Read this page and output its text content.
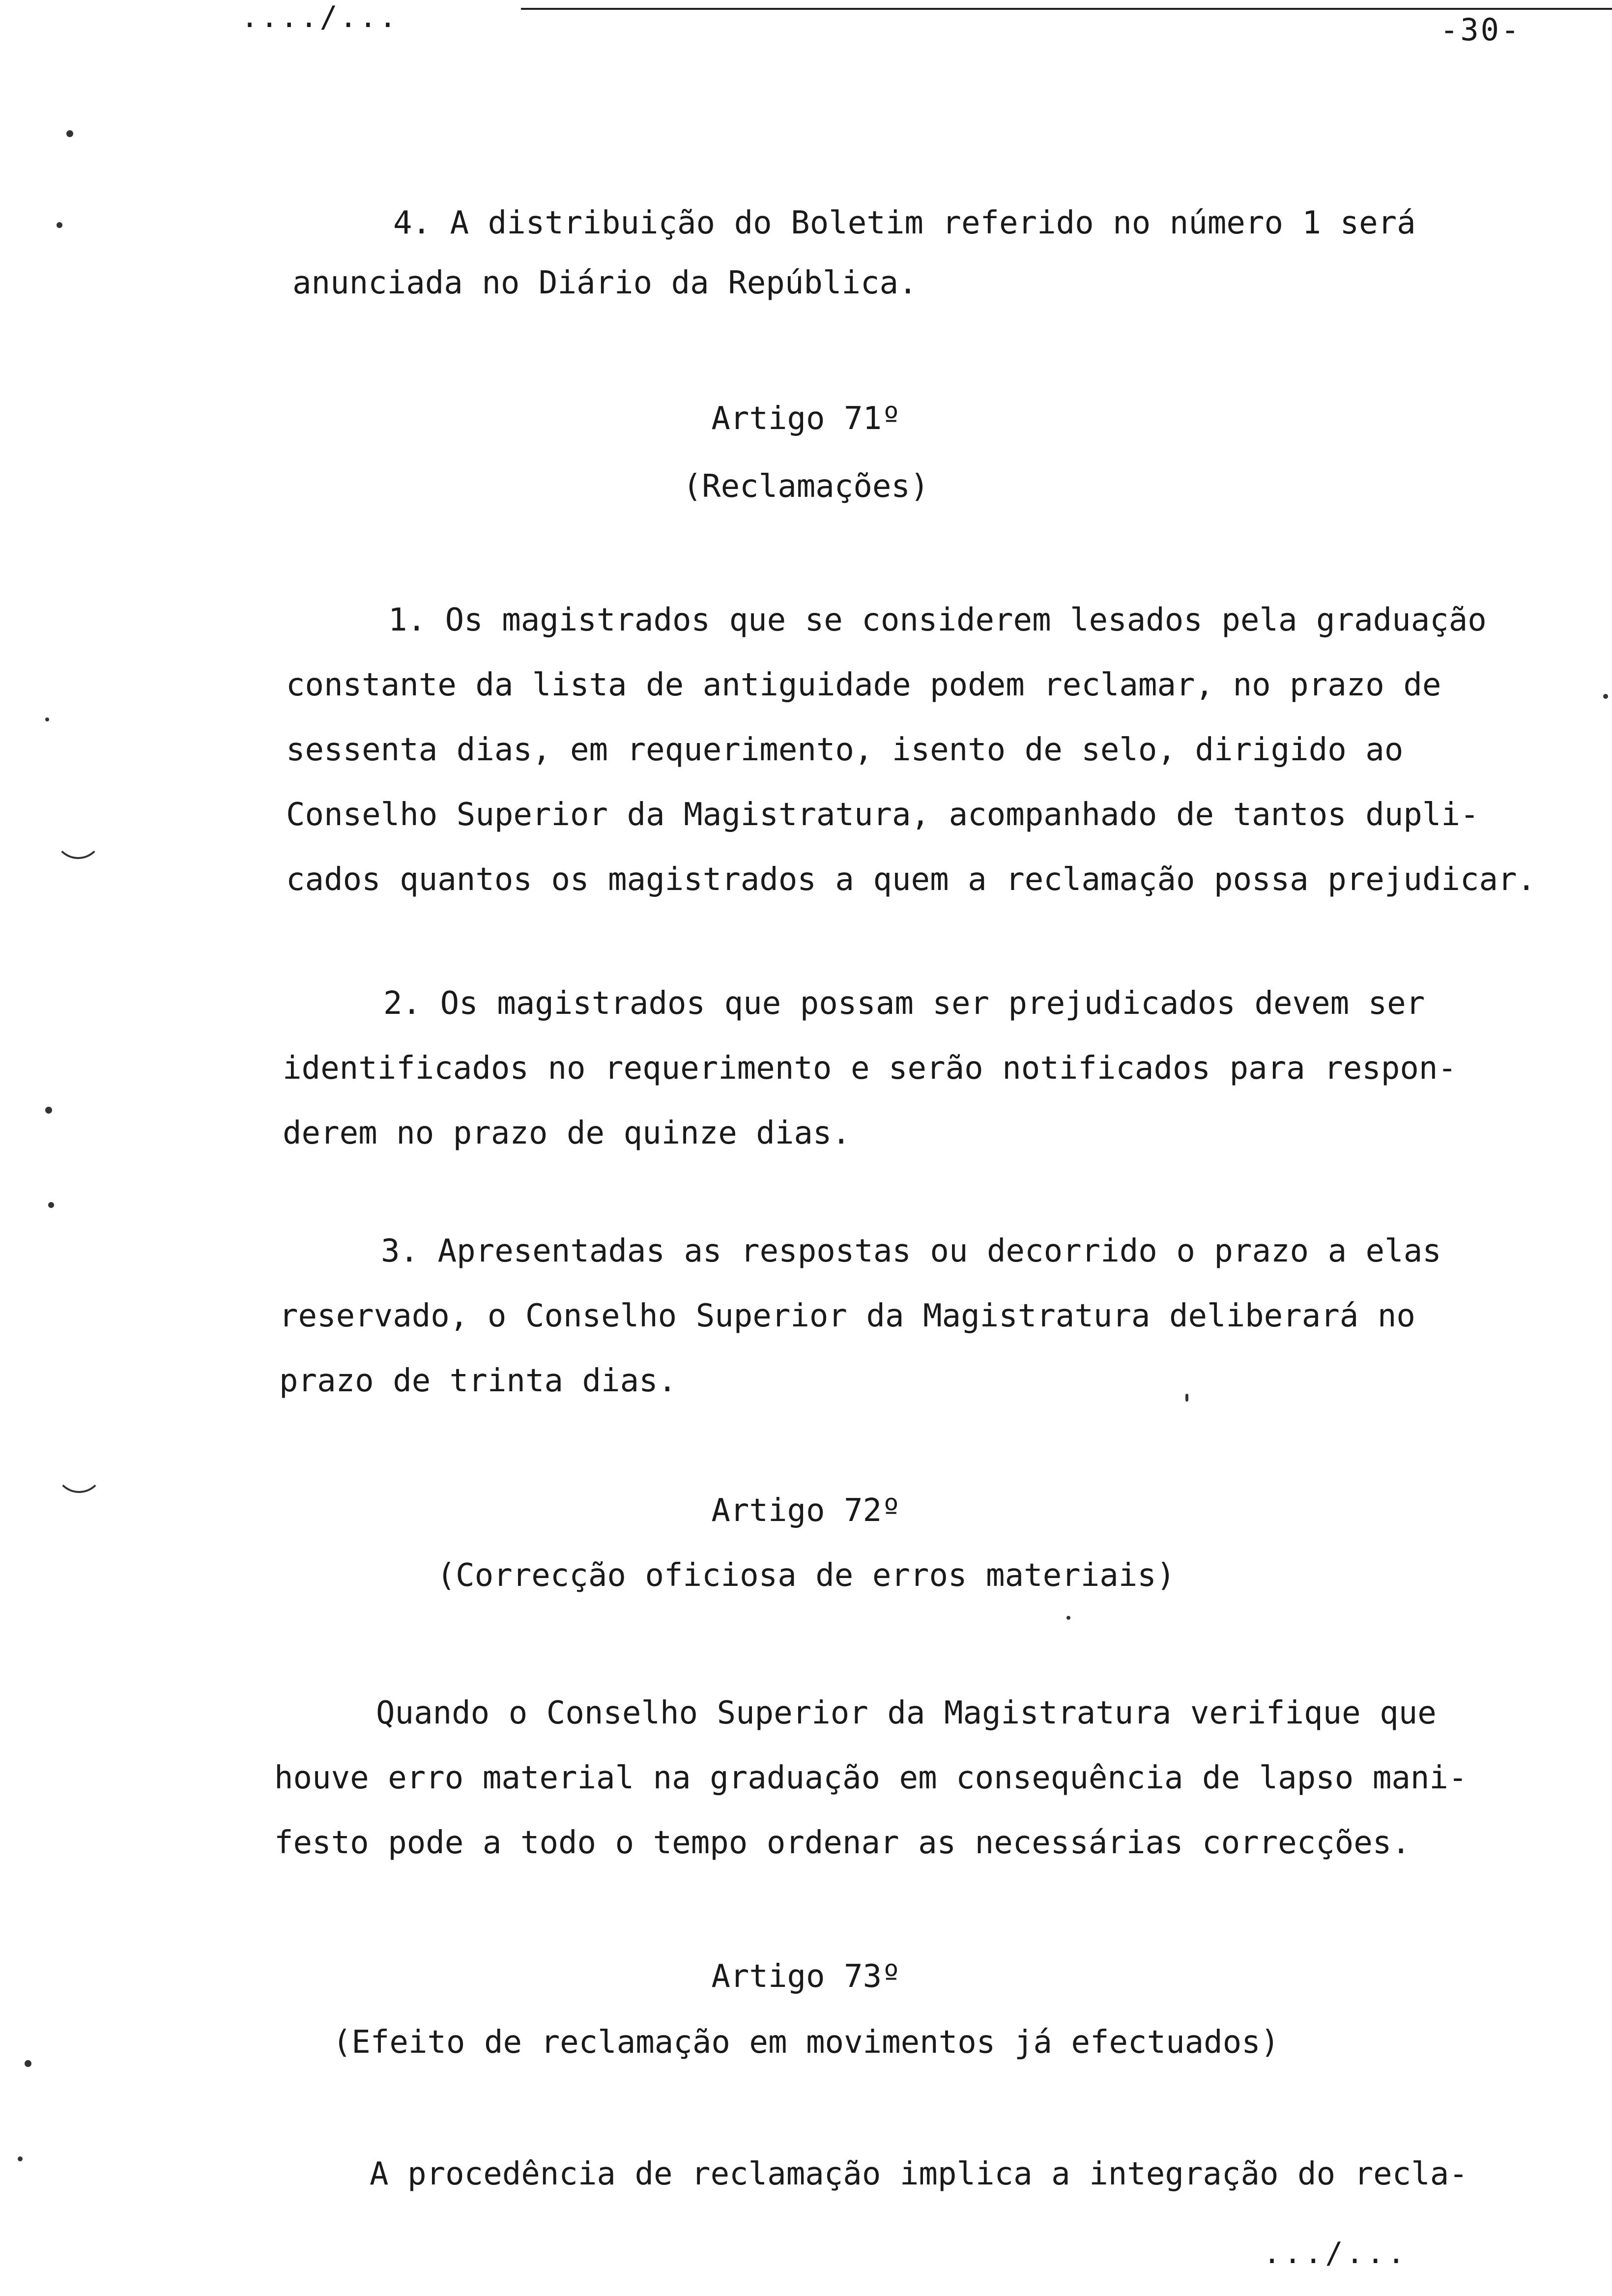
..../...	-30-
4. A distribuição do Boletim referido no número 1 será
anunciada no Diário da República.
Artigo 71º
(Reclamações)
1. Os magistrados que se considerem lesados pela graduação
constante da lista de antiguidade podem reclamar, no prazo de
sessenta dias, em requerimento, isento de selo, dirigido ao
Conselho Superior da Magistratura, acompanhado de tantos dupli-
cados quantos os magistrados a quem a reclamação possa prejudicar.
2. Os magistrados que possam ser prejudicados devem ser
identificados no requerimento e serão notificados para respon-
derem no prazo de quinze dias.
3. Apresentadas as respostas ou decorrido o prazo a elas
reservado, o Conselho Superior da Magistratura deliberará no
prazo de trinta dias.
Artigo 72º
(Correcção oficiosa de erros materiais)
Quando o Conselho Superior da Magistratura verifique que
houve erro material na graduação em consequência de lapso mani-
festo pode a todo o tempo ordenar as necessárias correcções.
Artigo 73º
(Efeito de reclamação em movimentos já efectuados)
A procedência de reclamação implica a integração do recla-
.../...
